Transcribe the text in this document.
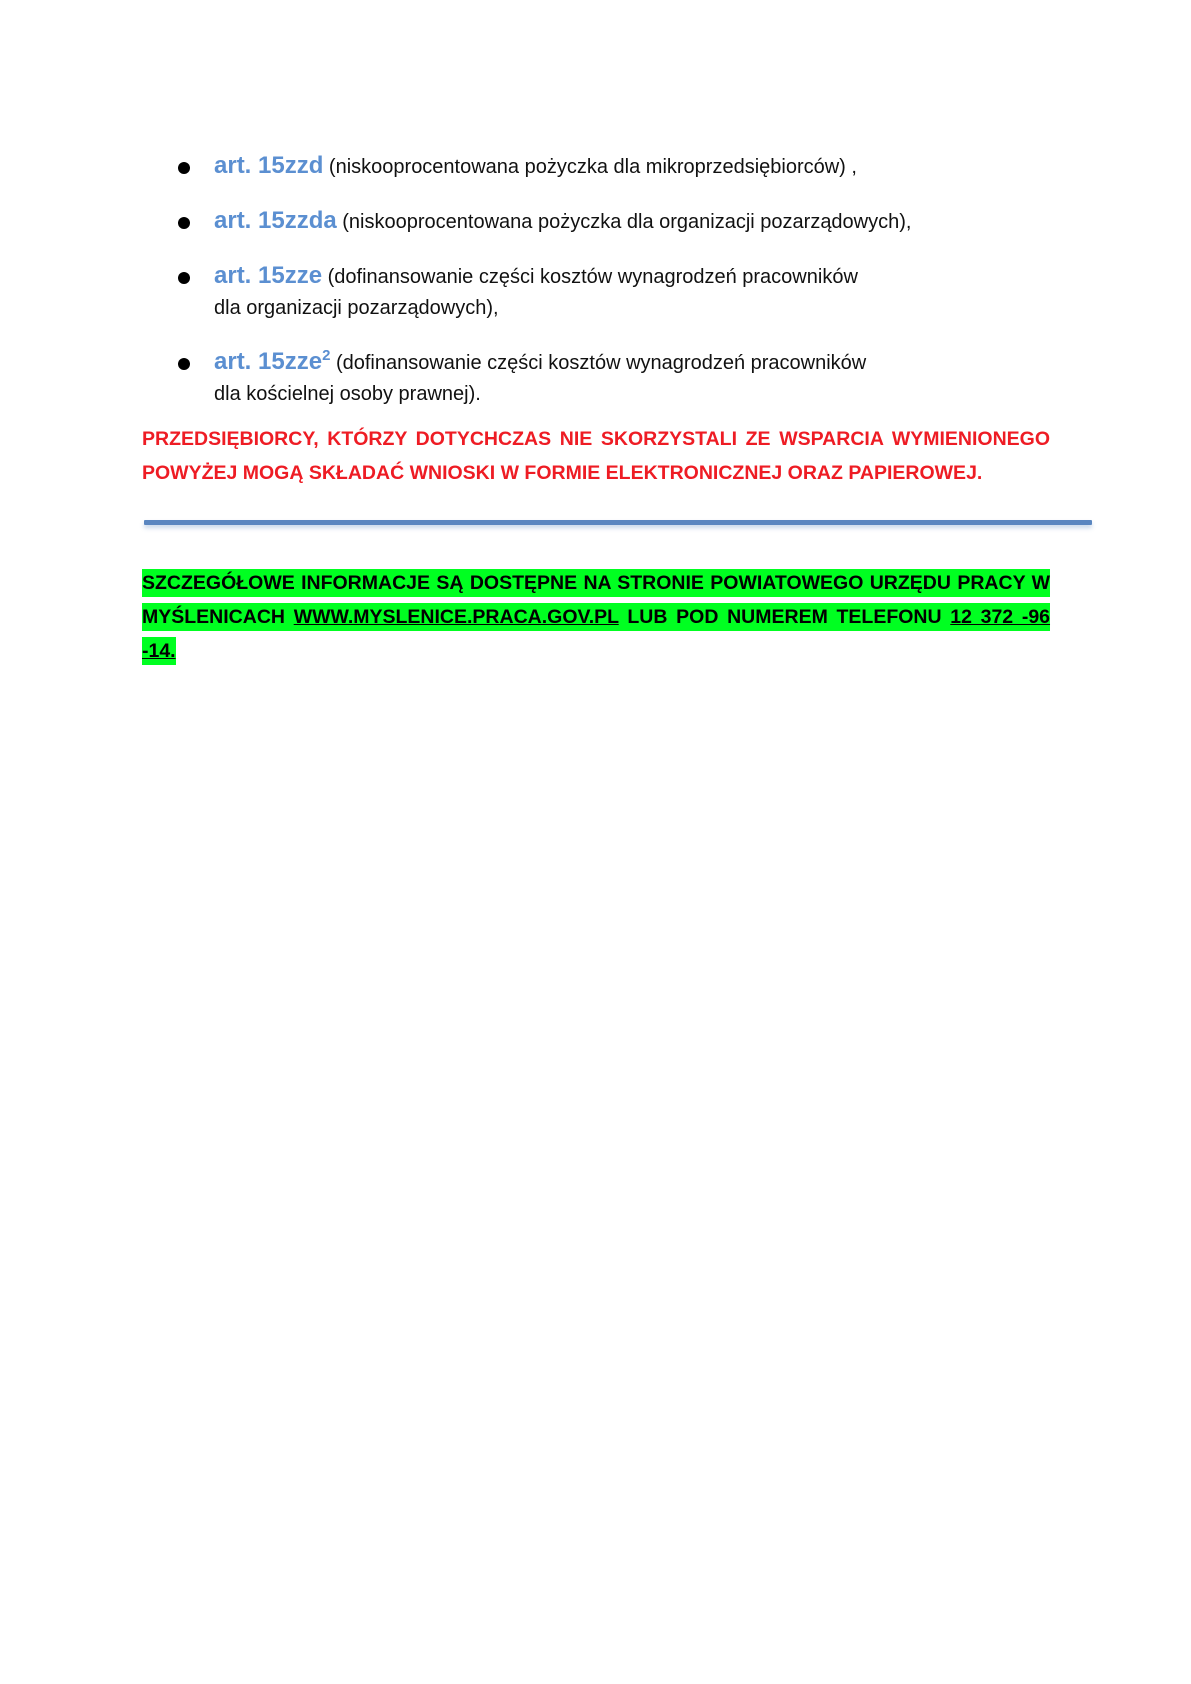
art. 15zzd (niskooprocentowana pożyczka dla mikroprzedsiębiorców) ,
art. 15zzda (niskooprocentowana pożyczka dla organizacji pozarządowych),
art. 15zze (dofinansowanie części kosztów wynagrodzeń pracowników
dla organizacji pozarządowych),
art. 15zze$^2$ (dofinansowanie części kosztów wynagrodzeń pracowników
dla kościelnej osoby prawnej).

PRZEDSIĘBIORCY, KTÓRZY DOTYCHCZAS NIE SKORZYSTALI ZE WSPARCIA WYMIENIONEGO POWYŻEJ MOGĄ SKŁADAĆ WNIOSKI W FORMIE ELEKTRONICZNEJ ORAZ PAPIEROWEJ.

SZCZEGÓŁOWE INFORMACJE SĄ DOSTĘPNE NA STRONIE POWIATOWEGO URZĘDU PRACY W MYŚLENICACH WWW.MYSLENICE.PRACA.GOV.PL LUB POD NUMEREM TELEFONU 12 372 -96 -14.
